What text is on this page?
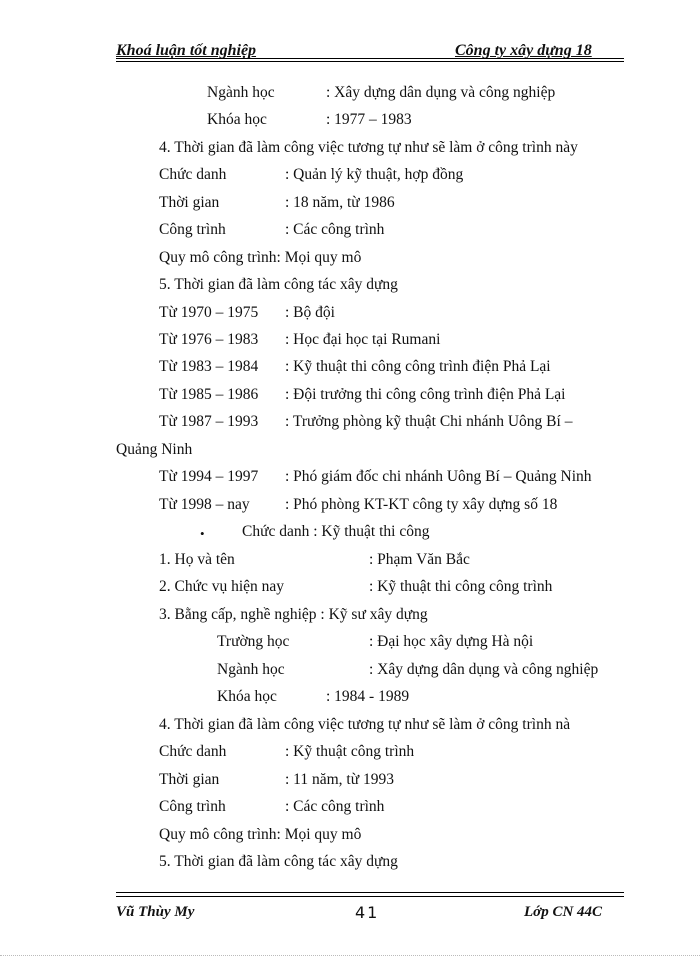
Khoá luận tốt nghiệp	Công ty xây dựng 18
Ngành học	: Xây dựng dân dụng và công nghiệp
Khóa học	: 1977 – 1983
4. Thời gian đã làm công việc tương tự như sẽ làm ở công trình này
Chức danh	: Quản lý kỹ thuật, hợp đồng
Thời gian	: 18 năm, từ 1986
Công trình	: Các công trình
Quy mô công trình: Mọi quy mô
5. Thời gian đã làm công tác xây dựng
Từ 1970 – 1975 : Bộ đội
Từ 1976 – 1983 : Học đại học tại Rumani
Từ 1983 – 1984 : Kỹ thuật thi công công trình điện Phả Lại
Từ 1985 – 1986 : Đội trưởng thi công công trình điện Phả Lại
Từ 1987 – 1993 : Trưởng phòng kỹ thuật Chi nhánh Uông Bí –
Quảng Ninh
Từ 1994 – 1997 : Phó giám đốc chi nhánh Uông Bí – Quảng Ninh
Từ 1998 – nay : Phó phòng KT-KT công ty xây dựng số 18
Chức danh : Kỹ thuật thi công
1. Họ và tên	: Phạm Văn Bắc
2. Chức vụ hiện nay	: Kỹ thuật thi công công trình
3. Bằng cấp, nghề nghiệp : Kỹ sư xây dựng
Trường học	: Đại học xây dựng Hà nội
Ngành học	: Xây dựng dân dụng và công nghiệp
Khóa học	: 1984 - 1989
4. Thời gian đã làm công việc tương tự như sẽ làm ở công trình nà
Chức danh	: Kỹ thuật công trình
Thời gian	: 11 năm, từ 1993
Công trình	: Các công trình
Quy mô công trình: Mọi quy mô
5. Thời gian đã làm công tác xây dựng
•
Vũ Thùy My	41	Lớp CN 44C
